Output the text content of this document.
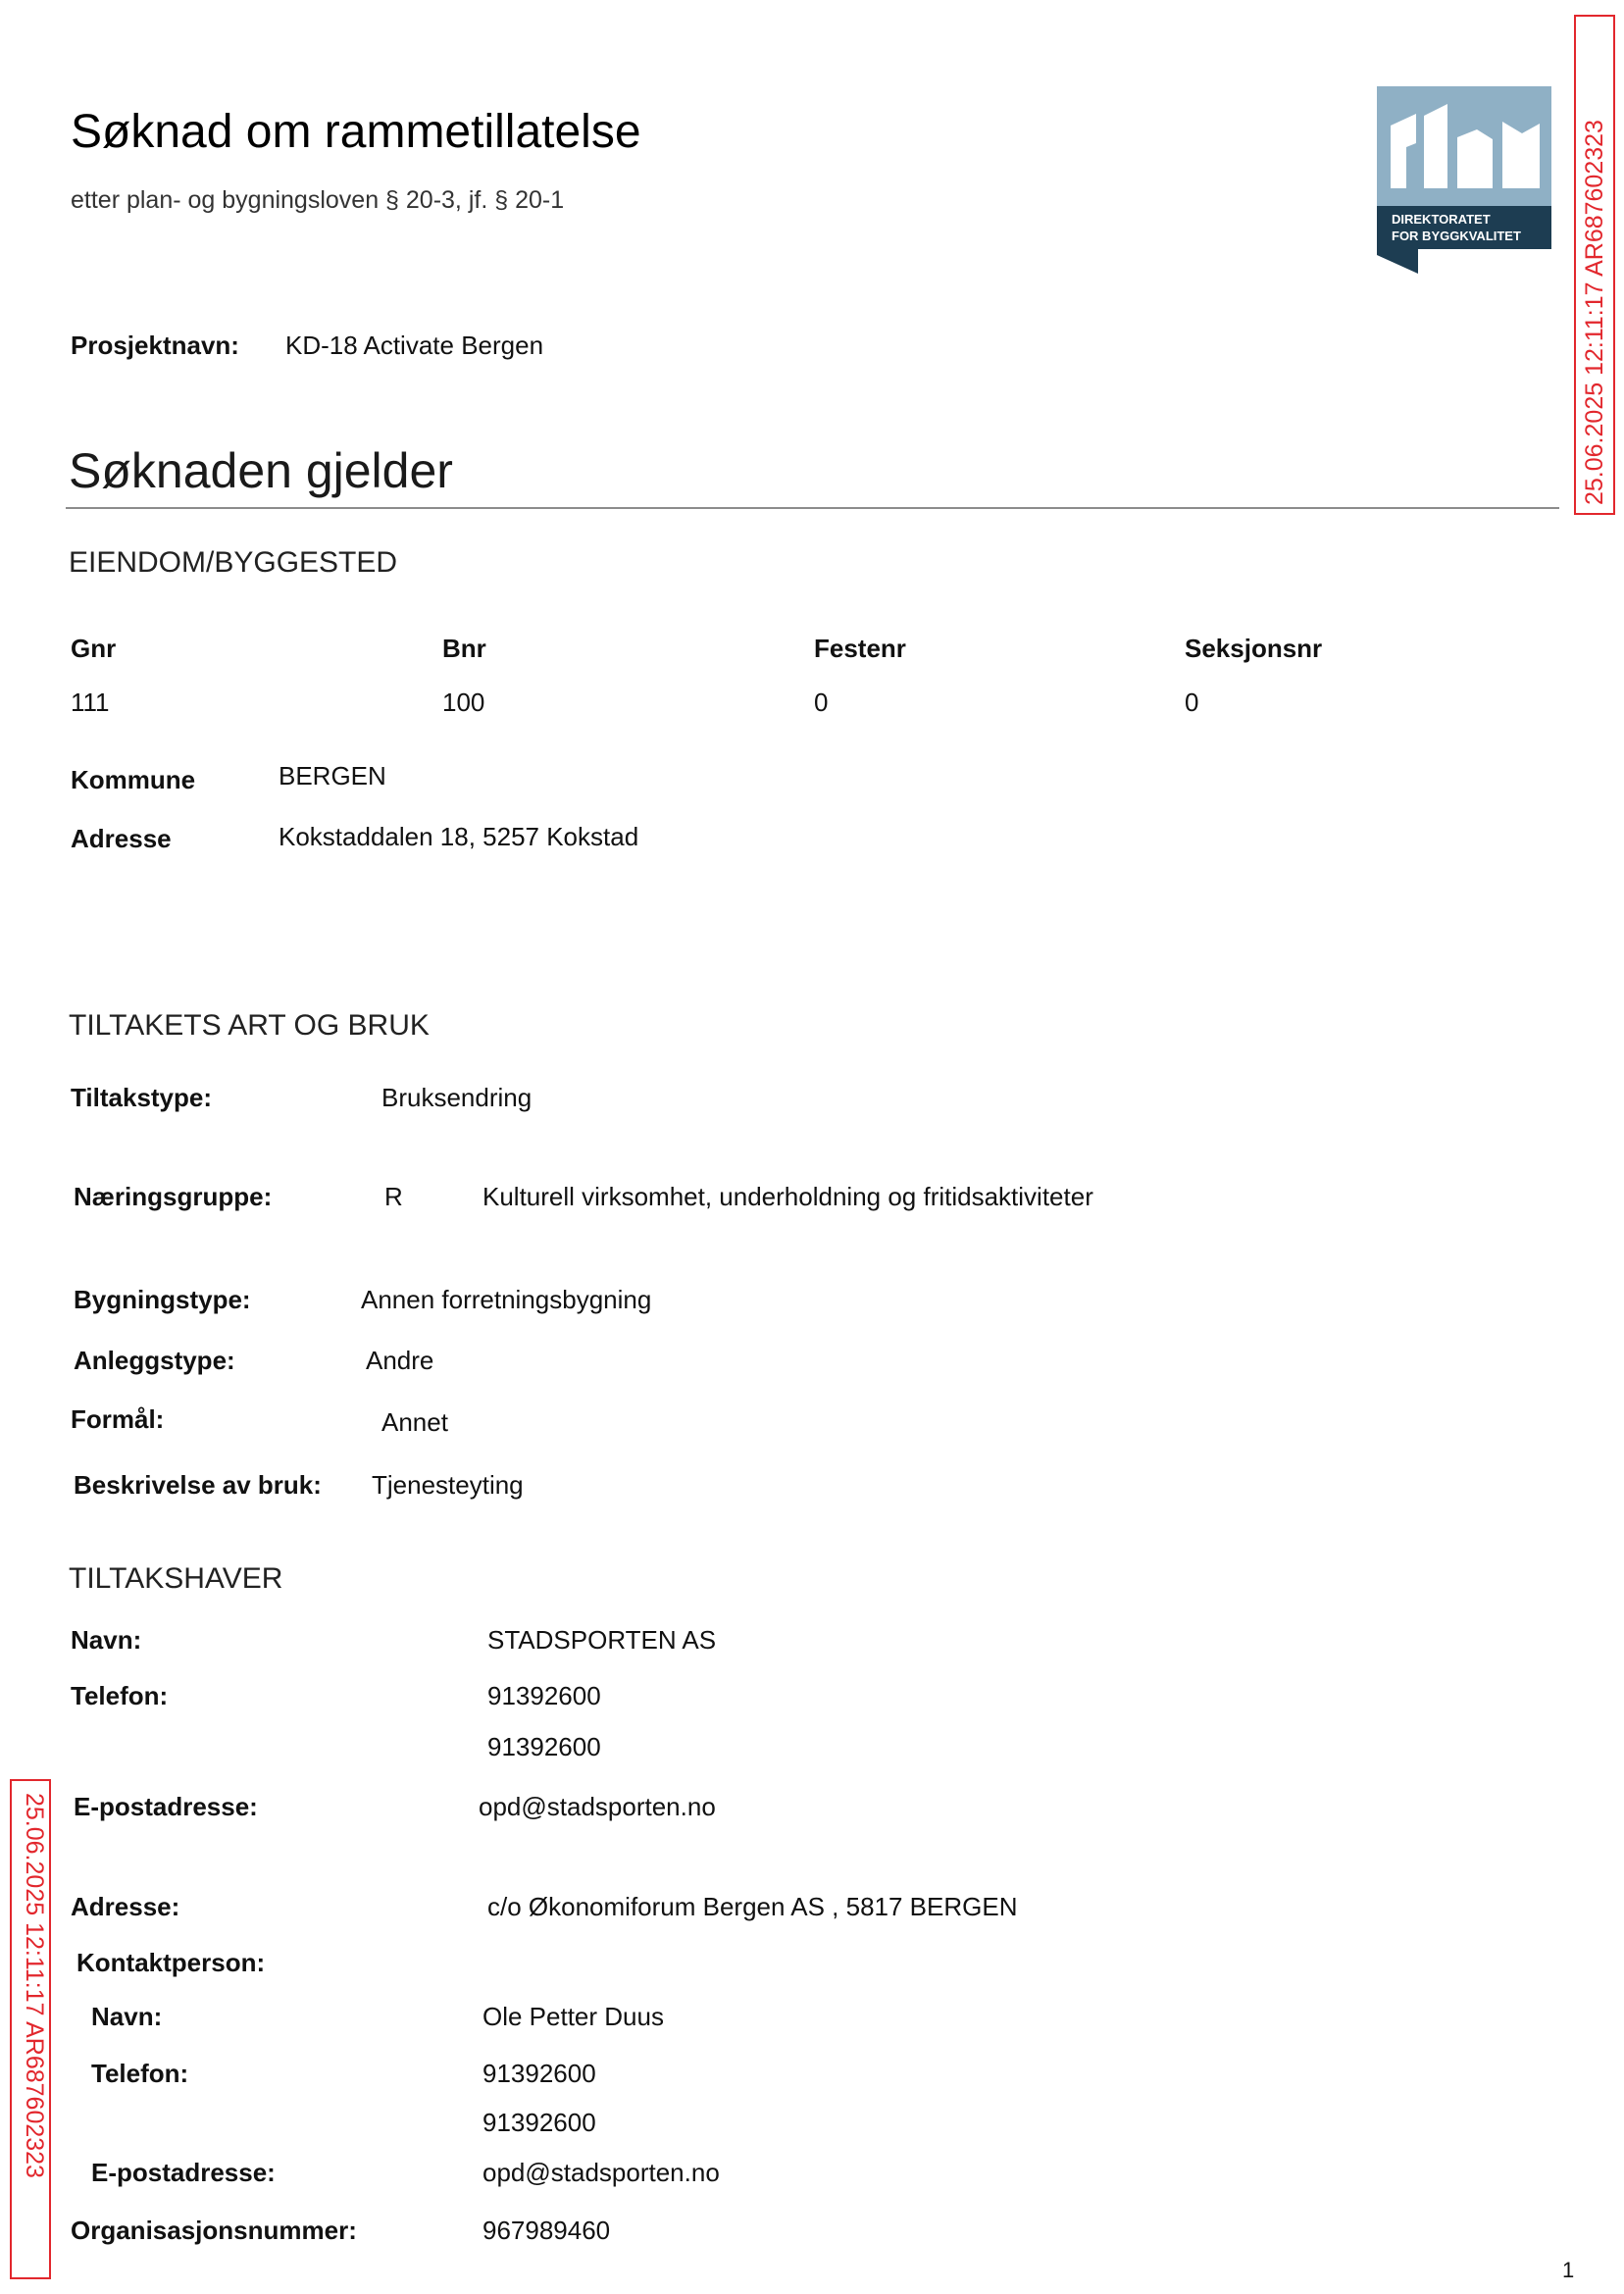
Søknad om rammetillatelse

etter plan- og bygningsloven § 20-3, jf. § 20-1

DIREKTORATET
FOR BYGGKVALITET 25.06.2025 12:11:17 AR687602323
Prosjektnavn: KD-18 Activate Bergen
Søknaden gjelder
EIENDOM/BYGGESTED
Gnr	Bnr	Festenr	Seksjonsnr
111	100	0	0
Kommune	BERGEN
Adresse	Kokstaddalen 18, 5257 Kokstad
TILTAKETS ART OG BRUK
Tiltakstype:	Bruksendring
Næringsgruppe:	R	Kulturell virksomhet, underholdning og fritidsaktiviteter
Bygningstype:	Annen forretningsbygning
Anleggstype:	Andre
Formål:	Annet
Beskrivelse av bruk: Tjenesteyting
TILTAKSHAVER
Navn:	STADSPORTEN AS
Telefon:	91392600
91392600
E-postadresse:	opd@stadsporten.no
25.06.2025 12:11:17 AR687602323 Adresse:	c/o Økonomiforum Bergen AS , 5817 BERGEN
Kontaktperson:
Navn:	Ole Petter Duus
Telefon:	91392600
91392600
E-postadresse:	opd@stadsporten.no
Organisasjonsnummer:	967989460
1
